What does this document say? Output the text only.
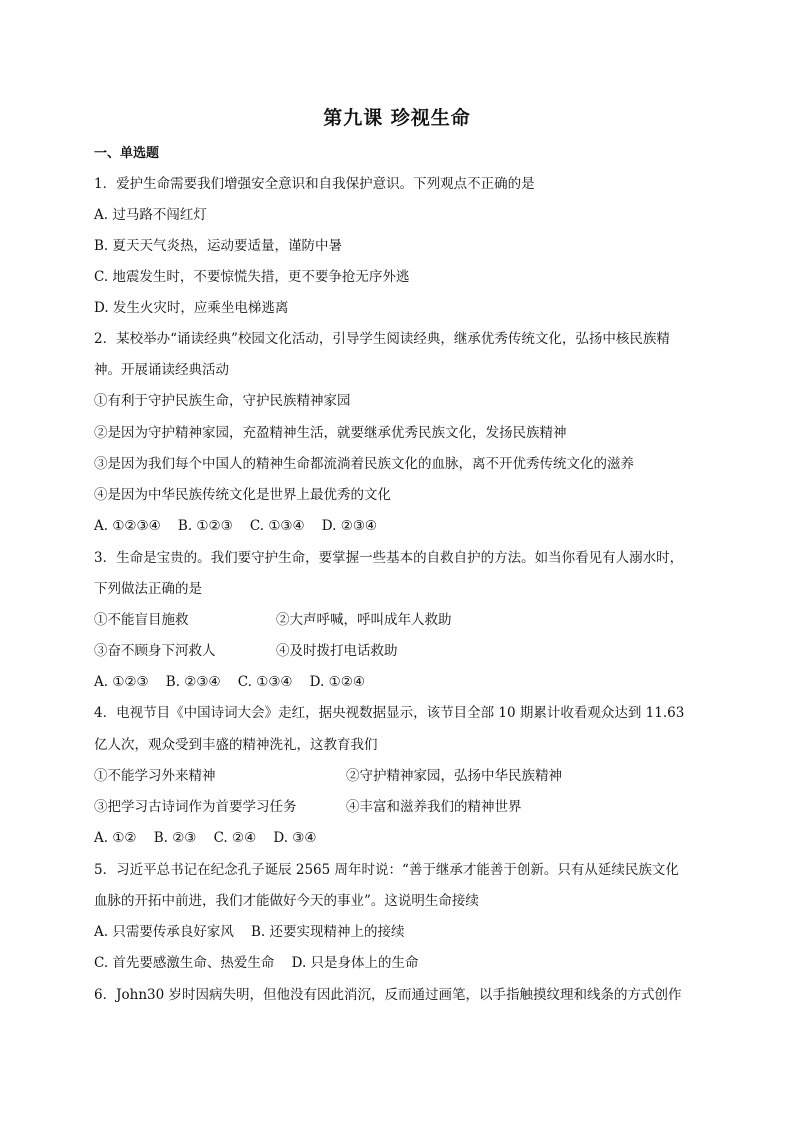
第九课 珍视生命
一、单选题
1．爱护生命需要我们增强安全意识和自我保护意识。下列观点不正确的是
A. 过马路不闯红灯
B. 夏天天气炎热，运动要适量，谨防中暑
C. 地震发生时，不要惊慌失措，更不要争抢无序外逃
D. 发生火灾时，应乘坐电梯逃离
2．某校举办“诵读经典”校园文化活动，引导学生阅读经典，继承优秀传统文化，弘扬中核民族精
神。开展诵读经典活动
①有利于守护民族生命，守护民族精神家园
②是因为守护精神家园，充盈精神生活，就要继承优秀民族文化，发扬民族精神
③是因为我们每个中国人的精神生命都流淌着民族文化的血脉，离不开优秀传统文化的滋养
④是因为中华民族传统文化是世界上最优秀的文化
A. ①②③④    B. ①②③    C. ①③④    D. ②③④
3．生命是宝贵的。我们要守护生命，要掌握一些基本的自救自护的方法。如当你看见有人溺水时，
下列做法正确的是
①不能盲目施救	②大声呼喊，呼叫成年人救助
③奋不顾身下河救人	④及时拨打电话救助
A. ①②③    B. ②③④    C. ①③④    D. ①②④
4．电视节目《中国诗词大会》走红，据央视数据显示，该节目全部 10 期累计收看观众达到 11.63
亿人次，观众受到丰盛的精神洗礼，这教育我们
①不能学习外来精神	②守护精神家园，弘扬中华民族精神
③把学习古诗词作为首要学习任务	④丰富和滋养我们的精神世界
A. ①②    B. ②③    C. ②④    D. ③④
5．习近平总书记在纪念孔子诞辰 2565 周年时说：“善于继承才能善于创新。只有从延续民族文化
血脉的开拓中前进，我们才能做好今天的事业”。这说明生命接续
A. 只需要传承良好家风    B. 还要实现精神上的接续
C. 首先要感激生命、热爱生命    D. 只是身体上的生命
6．John30 岁时因病失明，但他没有因此消沉，反而通过画笔，以手指触摸纹理和线条的方式创作
